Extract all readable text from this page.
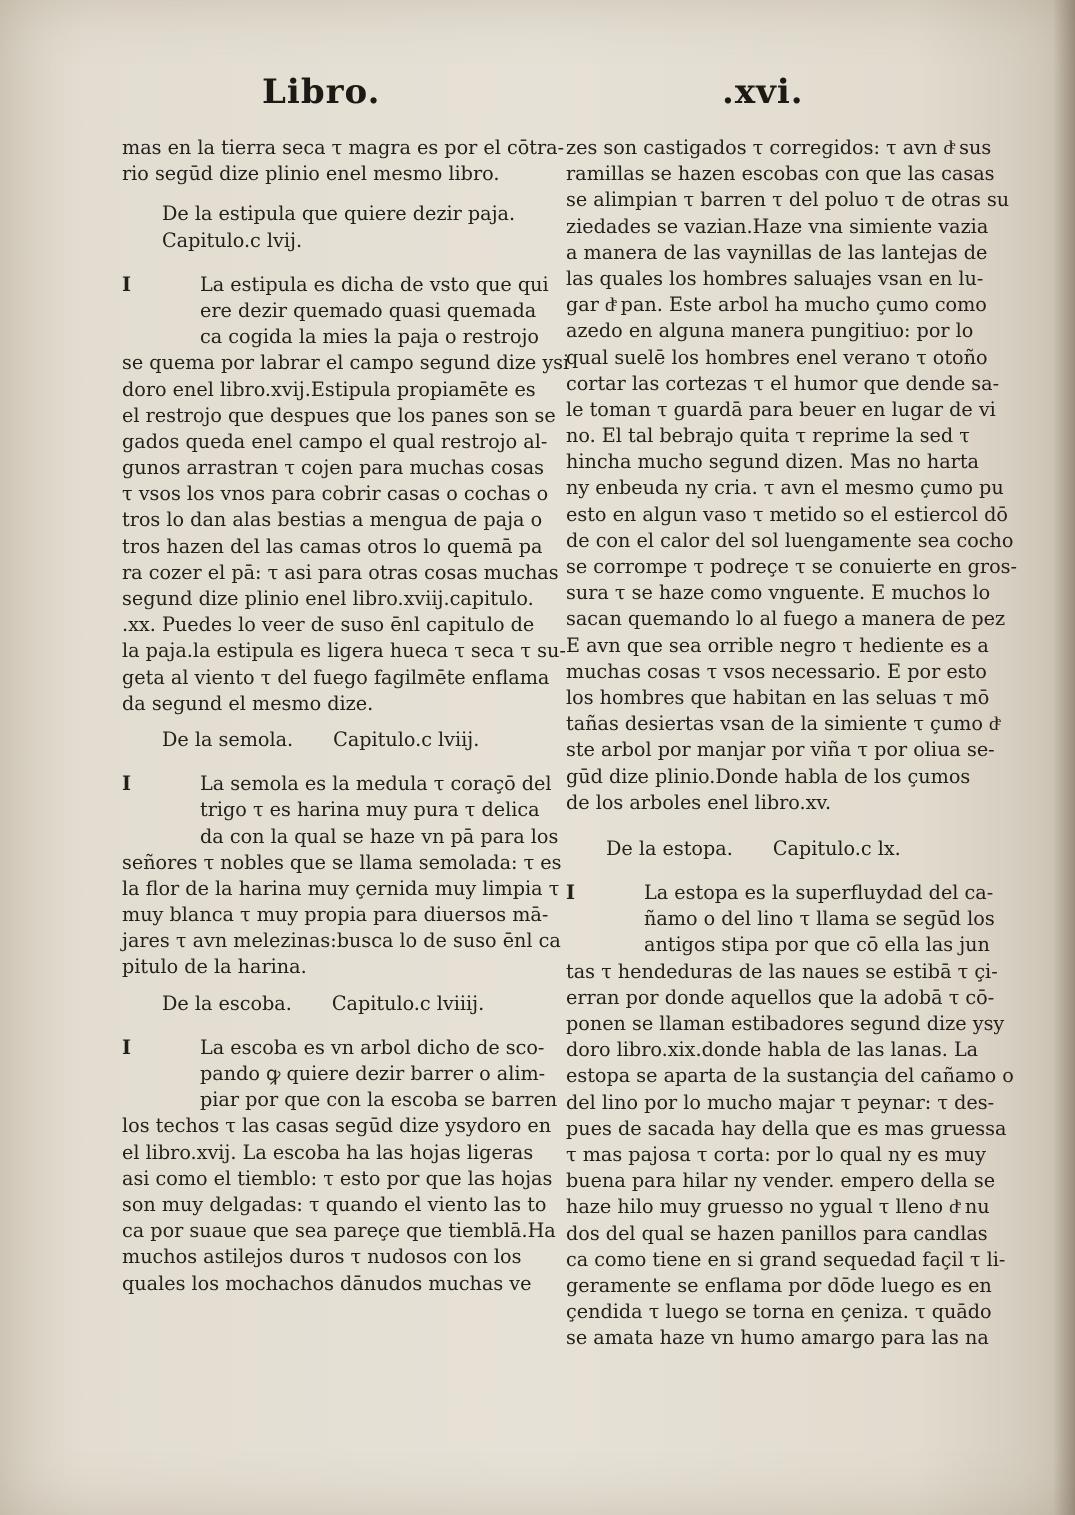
Libro.	.xvi.
mas en la tierra seca τ magra es por el cōtra-
rio segūd dize plinio enel mesmo libro.
De la estipula que quiere dezir paja.
Capitulo.c lvij.
I	La estipula es dicha de vsto que qui
ere dezir quemado quasi quemada
ca cogida la mies la paja o restrojo
se quema por labrar el campo segund dize ysi
doro enel libro.xvij.Estipula propiamēte es
el restrojo que despues que los panes son se
gados queda enel campo el qual restrojo al-
gunos arrastran τ cojen para muchas cosas
τ vsos los vnos para cobrir casas o cochas o
tros lo dan alas bestias a mengua de paja o
tros hazen del las camas otros lo quemā pa
ra cozer el pā: τ asi para otras cosas muchas
segund dize plinio enel libro.xviij.capitulo.
.xx. Puedes lo veer de suso ēnl capitulo de
la paja.la estipula es ligera hueca τ seca τ su-
geta al viento τ del fuego fagilmēte enflama
da segund el mesmo dize.
De la semola. Capitulo.c lviij.
I	La semola es la medula τ coraçō del
trigo τ es harina muy pura τ delica
da con la qual se haze vn pā para los
señores τ nobles que se llama semolada: τ es
la flor de la harina muy çernida muy limpia τ
muy blanca τ muy propia para diuersos mā-
jares τ avn melezinas:busca lo de suso ēnl ca
pitulo de la harina.
De la escoba. Capitulo.c lviiij.
I	La escoba es vn arbol dicho de sco-
pando ꝙ quiere dezir barrer o alim-
piar por que con la escoba se barren
los techos τ las casas segūd dize ysydoro en
el libro.xvij. La escoba ha las hojas ligeras
asi como el tiemblo: τ esto por que las hojas
son muy delgadas: τ quando el viento las to
ca por suaue que sea pareçe que tiemblā.Ha
muchos astilejos duros τ nudosos con los
quales los mochachos dānudos muchas ve
zes son castigados τ corregidos: τ avn dͤ sus
ramillas se hazen escobas con que las casas
se alimpian τ barren τ del poluo τ de otras su
ziedades se vazian.Haze vna simiente vazia
a manera de las vaynillas de las lantejas de
las quales los hombres saluajes vsan en lu-
gar dͤ pan. Este arbol ha mucho çumo como
azedo en alguna manera pungitiuo: por lo
qual suelē los hombres enel verano τ otoño
cortar las cortezas τ el humor que dende sa-
le toman τ guardā para beuer en lugar de vi
no. El tal bebrajo quita τ reprime la sed τ
hincha mucho segund dizen. Mas no harta
ny enbeuda ny cria. τ avn el mesmo çumo pu
esto en algun vaso τ metido so el estiercol dō
de con el calor del sol luengamente sea cocho
se corrompe τ podreçe τ se conuierte en gros-
sura τ se haze como vnguente. E muchos lo
sacan quemando lo al fuego a manera de pez
E avn que sea orrible negro τ hediente es a
muchas cosas τ vsos necessario. E por esto
los hombres que habitan en las seluas τ mō
tañas desiertas vsan de la simiente τ çumo dͤ
ste arbol por manjar por viña τ por oliua se-
gūd dize plinio.Donde habla de los çumos
de los arboles enel libro.xv.
De la estopa. Capitulo.c lx.
I	La estopa es la superfluydad del ca-
ñamo o del lino τ llama se segūd los
antigos stipa por que cō ella las jun
tas τ hendeduras de las naues se estibā τ çi-
erran por donde aquellos que la adobā τ cō-
ponen se llaman estibadores segund dize ysy
doro libro.xix.donde habla de las lanas. La
estopa se aparta de la sustançia del cañamo o
del lino por lo mucho majar τ peynar: τ des-
pues de sacada hay della que es mas gruessa
τ mas pajosa τ corta: por lo qual ny es muy
buena para hilar ny vender. empero della se
haze hilo muy gruesso no ygual τ lleno dͤ nu
dos del qual se hazen panillos para candlas
ca como tiene en si grand sequedad façil τ li-
geramente se enflama por dōde luego es en
çendida τ luego se torna en çeniza. τ quādo
se amata haze vn humo amargo para las na
